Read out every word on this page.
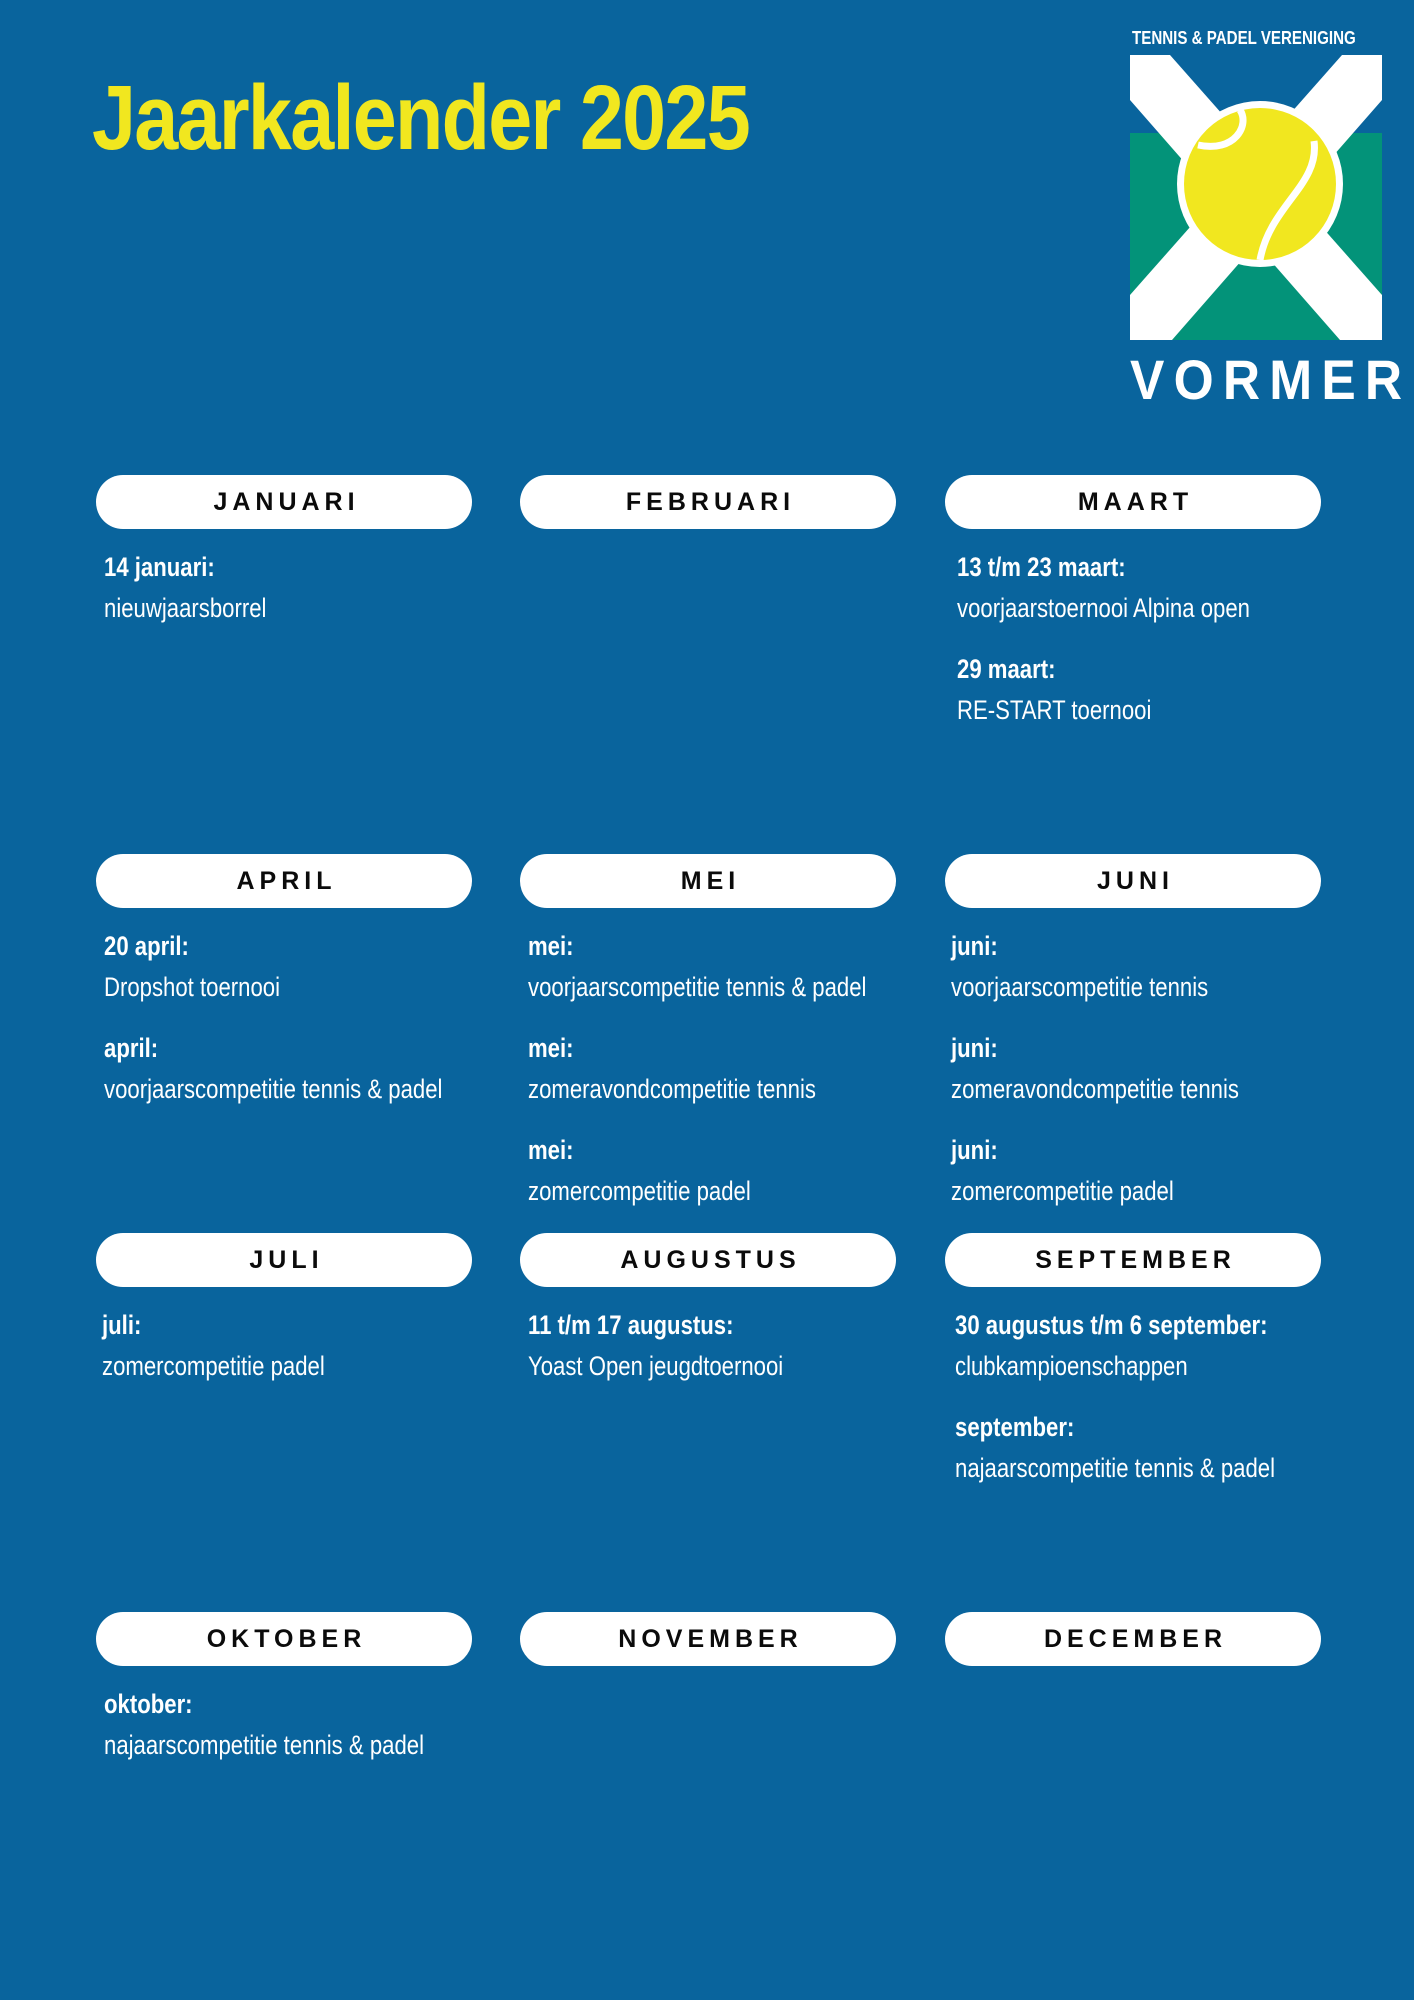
Jaarkalender 2025
TENNIS & PADEL VERENIGING
VORMER
JANUARI
14 januari:
nieuwjaarsborrel
FEBRUARI	MAART
13 t/m 23 maart:
voorjaarstoernooi Alpina open
29 maart:
RE-START toernooi
APRIL
20 april:
Dropshot toernooi
april:
voorjaarscompetitie tennis & padel
MEI
mei:
voorjaarscompetitie tennis & padel
mei:
zomeravondcompetitie tennis
mei:
zomercompetitie padel
JUNI
juni:
voorjaarscompetitie tennis
juni:
zomeravondcompetitie tennis
juni:
zomercompetitie padel
JULI
juli:
zomercompetitie padel
AUGUSTUS
11 t/m 17 augustus:
Yoast Open jeugdtoernooi
SEPTEMBER
30 augustus t/m 6 september:
clubkampioenschappen
september:
najaarscompetitie tennis & padel
OKTOBER
oktober:
najaarscompetitie tennis & padel
NOVEMBER	DECEMBER
